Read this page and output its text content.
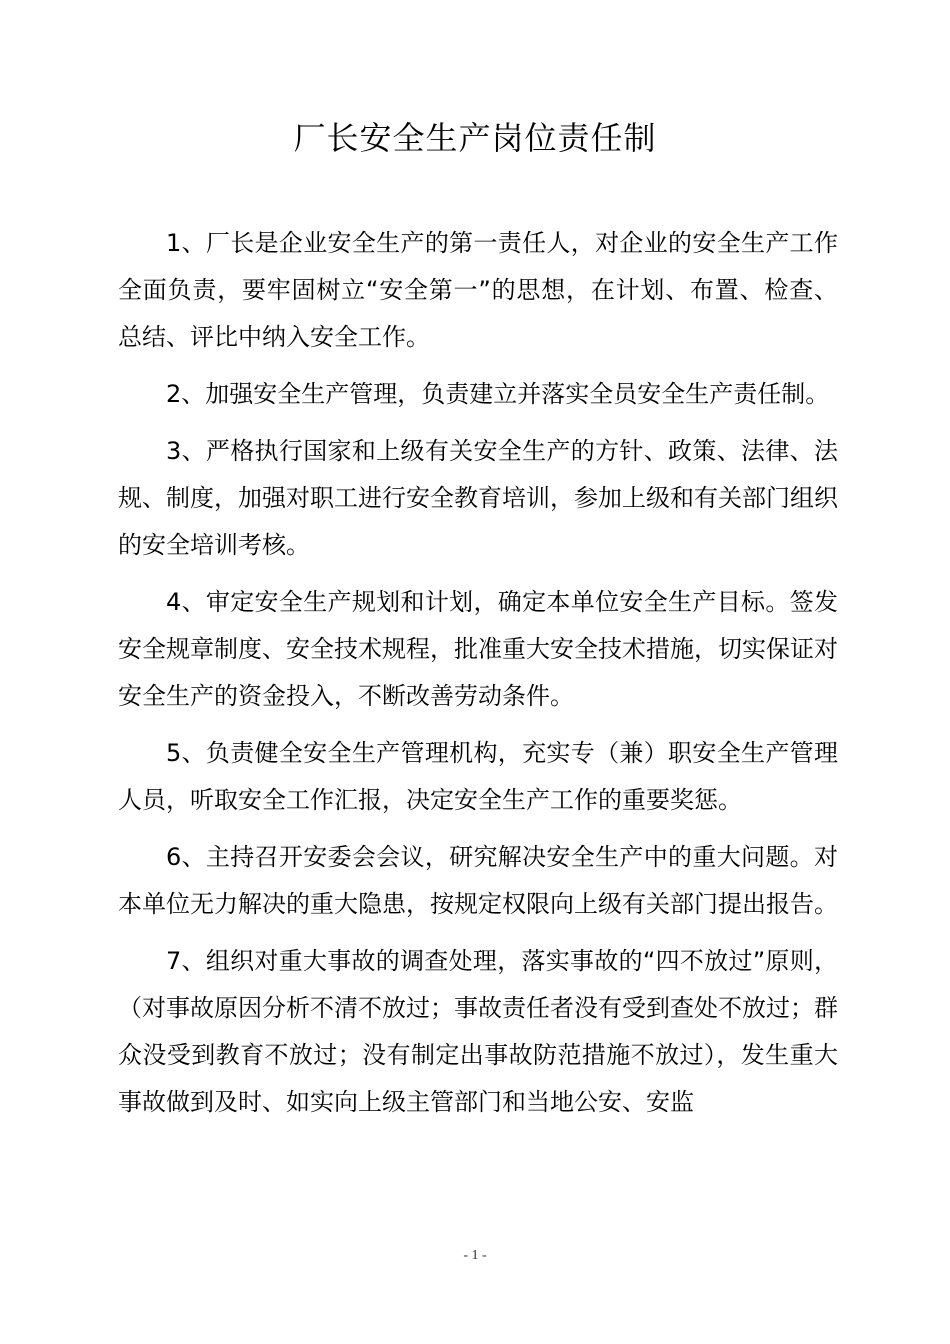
厂长安全生产岗位责任制

1、厂长是企业安全生产的第一责任人，对企业的安全生产工作全面负责，要牢固树立“安全第一”的思想，在计划、布置、检查、总结、评比中纳入安全工作。

2、加强安全生产管理，负责建立并落实全员安全生产责任制。

3、严格执行国家和上级有关安全生产的方针、政策、法律、法规、制度，加强对职工进行安全教育培训，参加上级和有关部门组织的安全培训考核。

4、审定安全生产规划和计划，确定本单位安全生产目标。签发安全规章制度、安全技术规程，批准重大安全技术措施，切实保证对安全生产的资金投入，不断改善劳动条件。

5、负责健全安全生产管理机构，充实专（兼）职安全生产管理人员，听取安全工作汇报，决定安全生产工作的重要奖惩。

6、主持召开安委会会议，研究解决安全生产中的重大问题。对本单位无力解决的重大隐患，按规定权限向上级有关部门提出报告。

7、组织对重大事故的调查处理，落实事故的“四不放过”原则，（对事故原因分析不清不放过；事故责任者没有受到查处不放过；群众没受到教育不放过；没有制定出事故防范措施不放过），发生重大事故做到及时、如实向上级主管部门和当地公安、安监

- 1 -
